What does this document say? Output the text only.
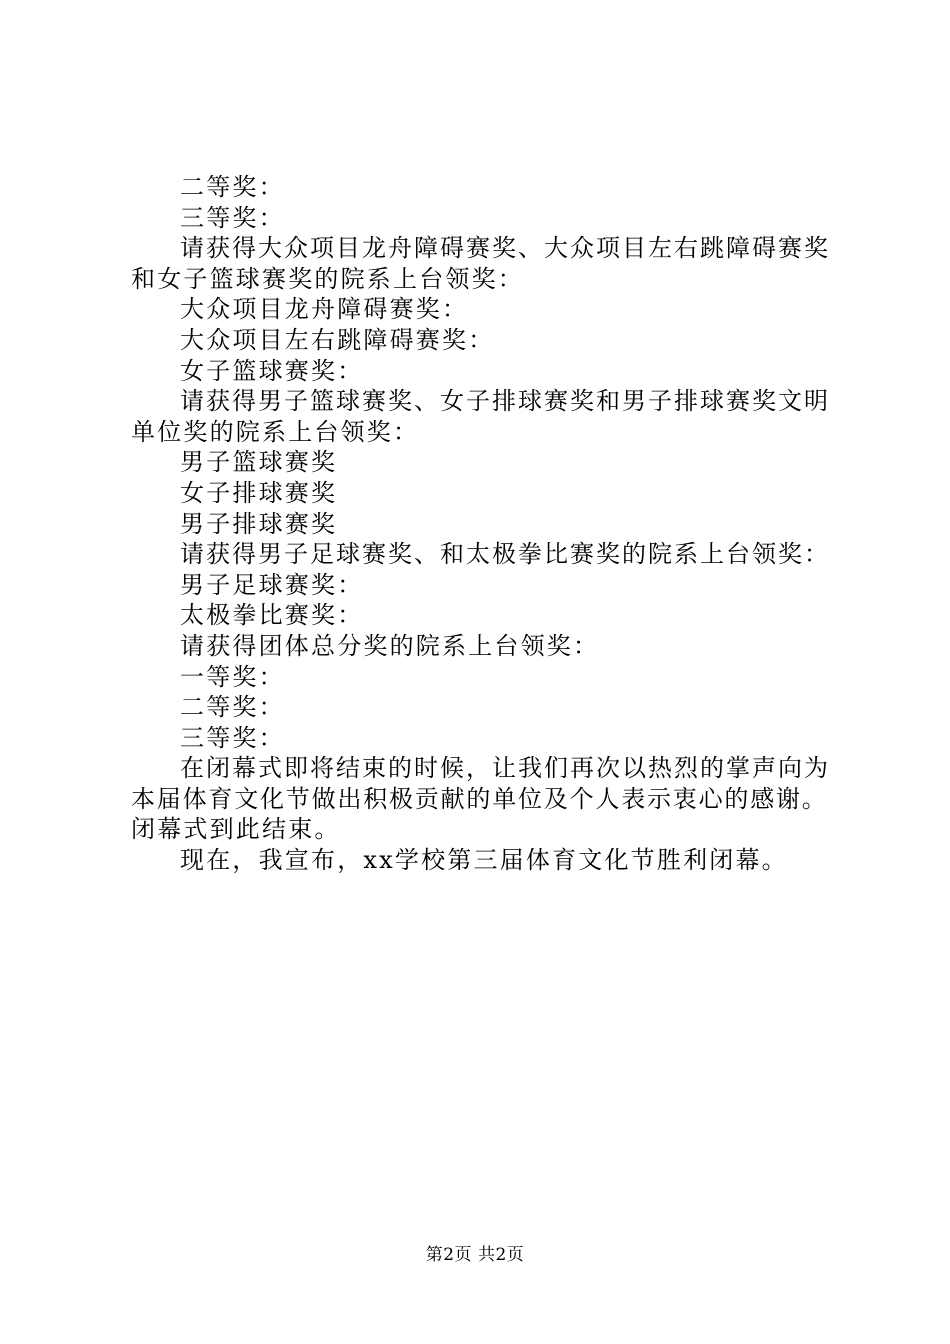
二等奖：
三等奖：
请获得大众项目龙舟障碍赛奖、大众项目左右跳障碍赛奖
和女子篮球赛奖的院系上台领奖：
大众项目龙舟障碍赛奖：
大众项目左右跳障碍赛奖：
女子篮球赛奖：
请获得男子篮球赛奖、女子排球赛奖和男子排球赛奖文明
单位奖的院系上台领奖：
男子篮球赛奖
女子排球赛奖
男子排球赛奖
请获得男子足球赛奖、和太极拳比赛奖的院系上台领奖：
男子足球赛奖：
太极拳比赛奖：
请获得团体总分奖的院系上台领奖：
一等奖：
二等奖：
三等奖：
在闭幕式即将结束的时候，让我们再次以热烈的掌声向为
本届体育文化节做出积极贡献的单位及个人表示衷心的感谢。
闭幕式到此结束。
现在，我宣布，xx学校第三届体育文化节胜利闭幕。
第2页 共2页
